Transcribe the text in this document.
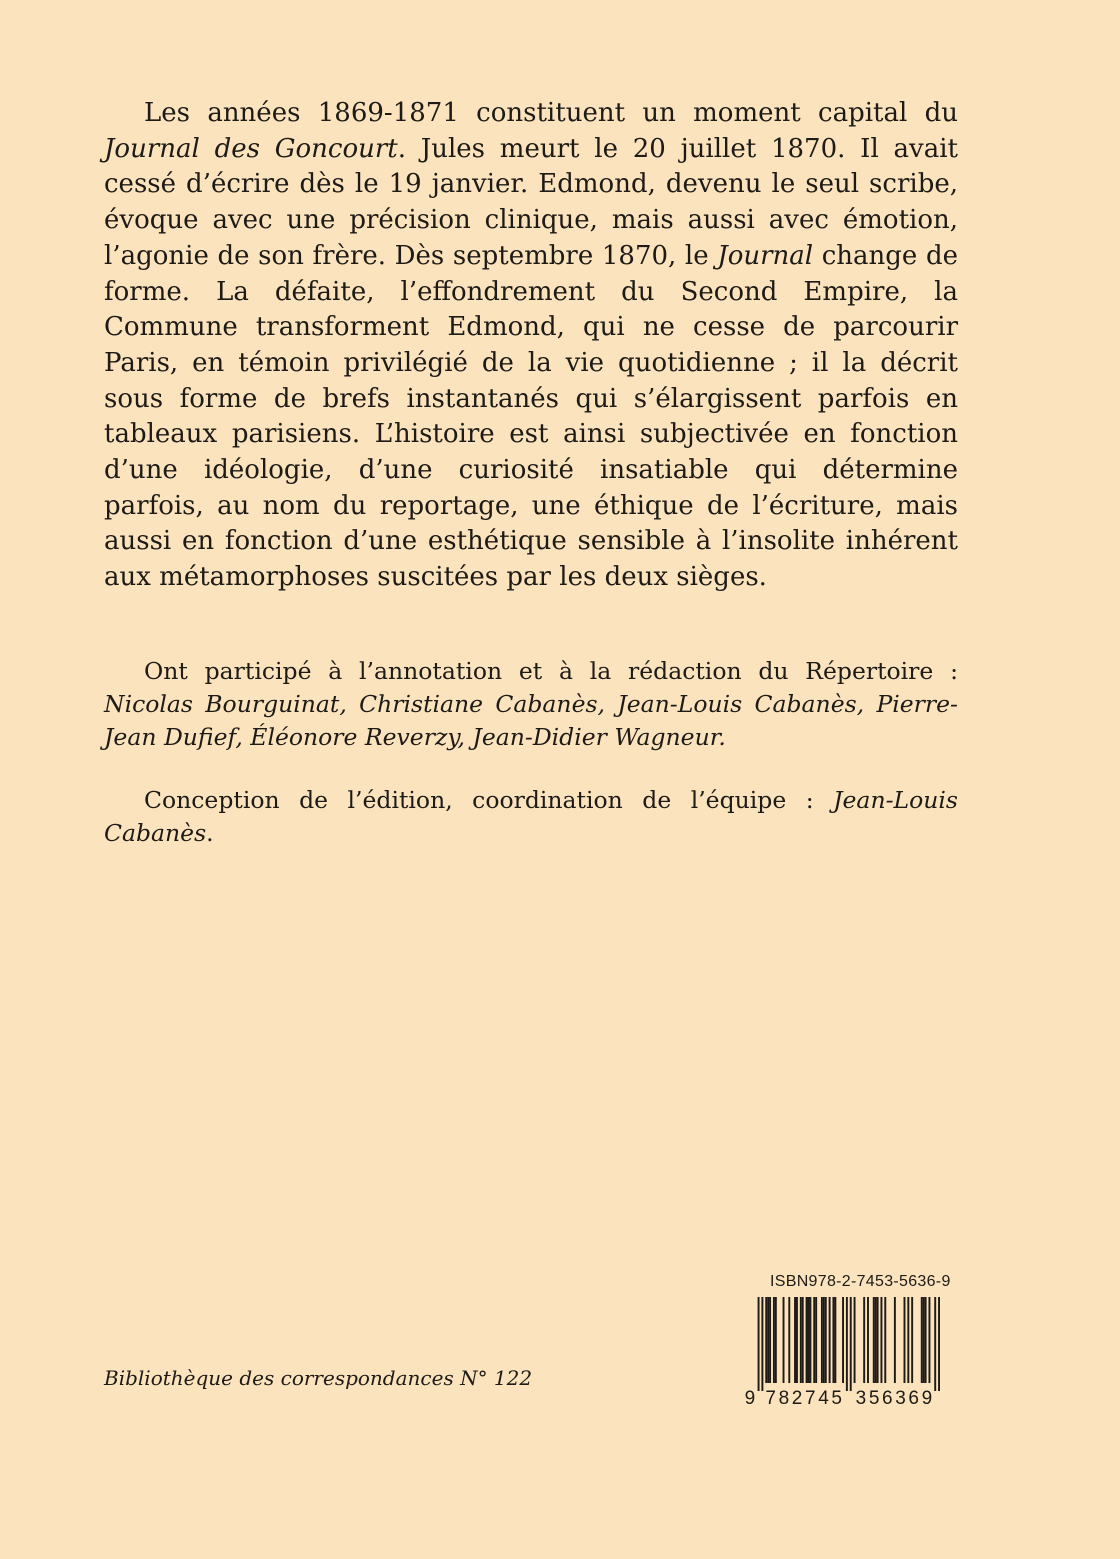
Les années 1869-1871 constituent un moment capital du Journal des Goncourt. Jules meurt le 20 juillet 1870. Il avait cessé d’écrire dès le 19 janvier. Edmond, devenu le seul scribe, évoque avec une précision clinique, mais aussi avec émotion, l’agonie de son frère. Dès septembre 1870, le Journal change de forme. La défaite, l’effondrement du Second Empire, la Commune transforment Edmond, qui ne cesse de parcourir Paris, en témoin privilégié de la vie quotidienne ; il la décrit sous forme de brefs instantanés qui s’élargissent parfois en tableaux parisiens. L’histoire est ainsi subjectivée en fonction d’une idéologie, d’une curiosité insatiable qui détermine parfois, au nom du reportage, une éthique de l’écriture, mais aussi en fonction d’une esthétique sensible à l’insolite inhérent aux métamorphoses suscitées par les deux sièges.

Ont participé à l’annotation et à la rédaction du Répertoire : Nicolas Bourguinat, Christiane Cabanès, Jean-Louis Cabanès, Pierre-Jean Dufief, Éléonore Reverzy, Jean-Didier Wagneur.

Conception de l’édition, coordination de l’équipe : Jean-Louis Cabanès.

Bibliothèque des correspondances N° 122
ISBN 978-2-7453-5636-9
9 782745 356369
